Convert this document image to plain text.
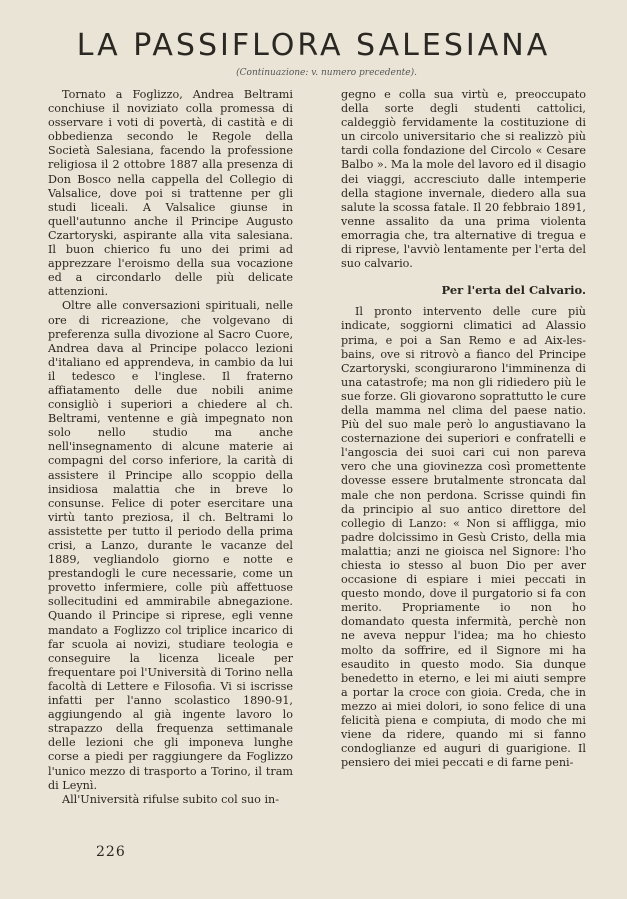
LA PASSIFLORA SALESIANA
(Continuazione: v. numero precedente).

Tornato a Foglizzo, Andrea Beltrami conchiuse il noviziato colla promessa di osservare i voti di povertà, di castità e di obbedienza secondo le Regole della Società Salesiana, facendo la professione religiosa il 2 ottobre 1887 alla presenza di Don Bosco nella cappella del Collegio di Valsalice, dove poi si trattenne per gli studi liceali. A Valsalice giunse in quell'autunno anche il Principe Augusto Czartoryski, aspirante alla vita salesiana. Il buon chierico fu uno dei primi ad apprezzare l'eroismo della sua vocazione ed a circondarlo delle più delicate attenzioni.

Oltre alle conversazioni spirituali, nelle ore di ricreazione, che volgevano di preferenza sulla divozione al Sacro Cuore, Andrea dava al Principe polacco lezioni d'italiano ed apprendeva, in cambio da lui il tedesco e l'inglese. Il fraterno affiatamento delle due nobili anime consigliò i superiori a chiedere al ch. Beltrami, ventenne e già impegnato non solo nello studio ma anche nell'insegnamento di alcune materie ai compagni del corso inferiore, la carità di assistere il Principe allo scoppio della insidiosa malattia che in breve lo consunse. Felice di poter esercitare una virtù tanto preziosa, il ch. Beltrami lo assistette per tutto il periodo della prima crisi, a Lanzo, durante le vacanze del 1889, vegliandolo giorno e notte e prestandogli le cure necessarie, come un provetto infermiere, colle più affettuose sollecitudini ed ammirabile abnegazione. Quando il Principe si riprese, egli venne mandato a Foglizzo col triplice incarico di far scuola ai novizi, studiare teologia e conseguire la licenza liceale per frequentare poi l'Università di Torino nella facoltà di Lettere e Filosofia. Vi si iscrisse infatti per l'anno scolastico 1890-91, aggiungendo al già ingente lavoro lo strapazzo della frequenza settimanale delle lezioni che gli imponeva lunghe corse a piedi per raggiungere da Foglizzo l'unico mezzo di trasporto a Torino, il tram di Leynì.

All'Università rifulse subito col suo in-

gegno e colla sua virtù e, preoccupato della sorte degli studenti cattolici, caldeggiò fervidamente la costituzione di un circolo universitario che si realizzò più tardi colla fondazione del Circolo « Cesare Balbo ». Ma la mole del lavoro ed il disagio dei viaggi, accresciuto dalle intemperie della stagione invernale, diedero alla sua salute la scossa fatale. Il 20 febbraio 1891, venne assalito da una prima violenta emorragia che, tra alternative di tregua e di riprese, l'avviò lentamente per l'erta del suo calvario.

Per l'erta del Calvario.

Il pronto intervento delle cure più indicate, soggiorni climatici ad Alassio prima, e poi a San Remo e ad Aix-les-bains, ove si ritrovò a fianco del Principe Czartoryski, scongiurarono l'imminenza di una catastrofe; ma non gli ridiedero più le sue forze. Gli giovarono soprattutto le cure della mamma nel clima del paese natio. Più del suo male però lo angustiavano la costernazione dei superiori e confratelli e l'angoscia dei suoi cari cui non pareva vero che una giovinezza così promettente dovesse essere brutalmente stroncata dal male che non perdona. Scrisse quindi fin da principio al suo antico direttore del collegio di Lanzo: « Non si affligga, mio padre dolcissimo in Gesù Cristo, della mia malattia; anzi ne gioisca nel Signore: l'ho chiesta io stesso al buon Dio per aver occasione di espiare i miei peccati in questo mondo, dove il purgatorio si fa con merito. Propriamente io non ho domandato questa infermità, perchè non ne aveva neppur l'idea; ma ho chiesto molto da soffrire, ed il Signore mi ha esaudito in questo modo. Sia dunque benedetto in eterno, e lei mi aiuti sempre a portar la croce con gioia. Creda, che in mezzo ai miei dolori, io sono felice di una felicità piena e compiuta, di modo che mi viene da ridere, quando mi si fanno condoglianze ed auguri di guarigione. Il pensiero dei miei peccati e di farne peni-

226
